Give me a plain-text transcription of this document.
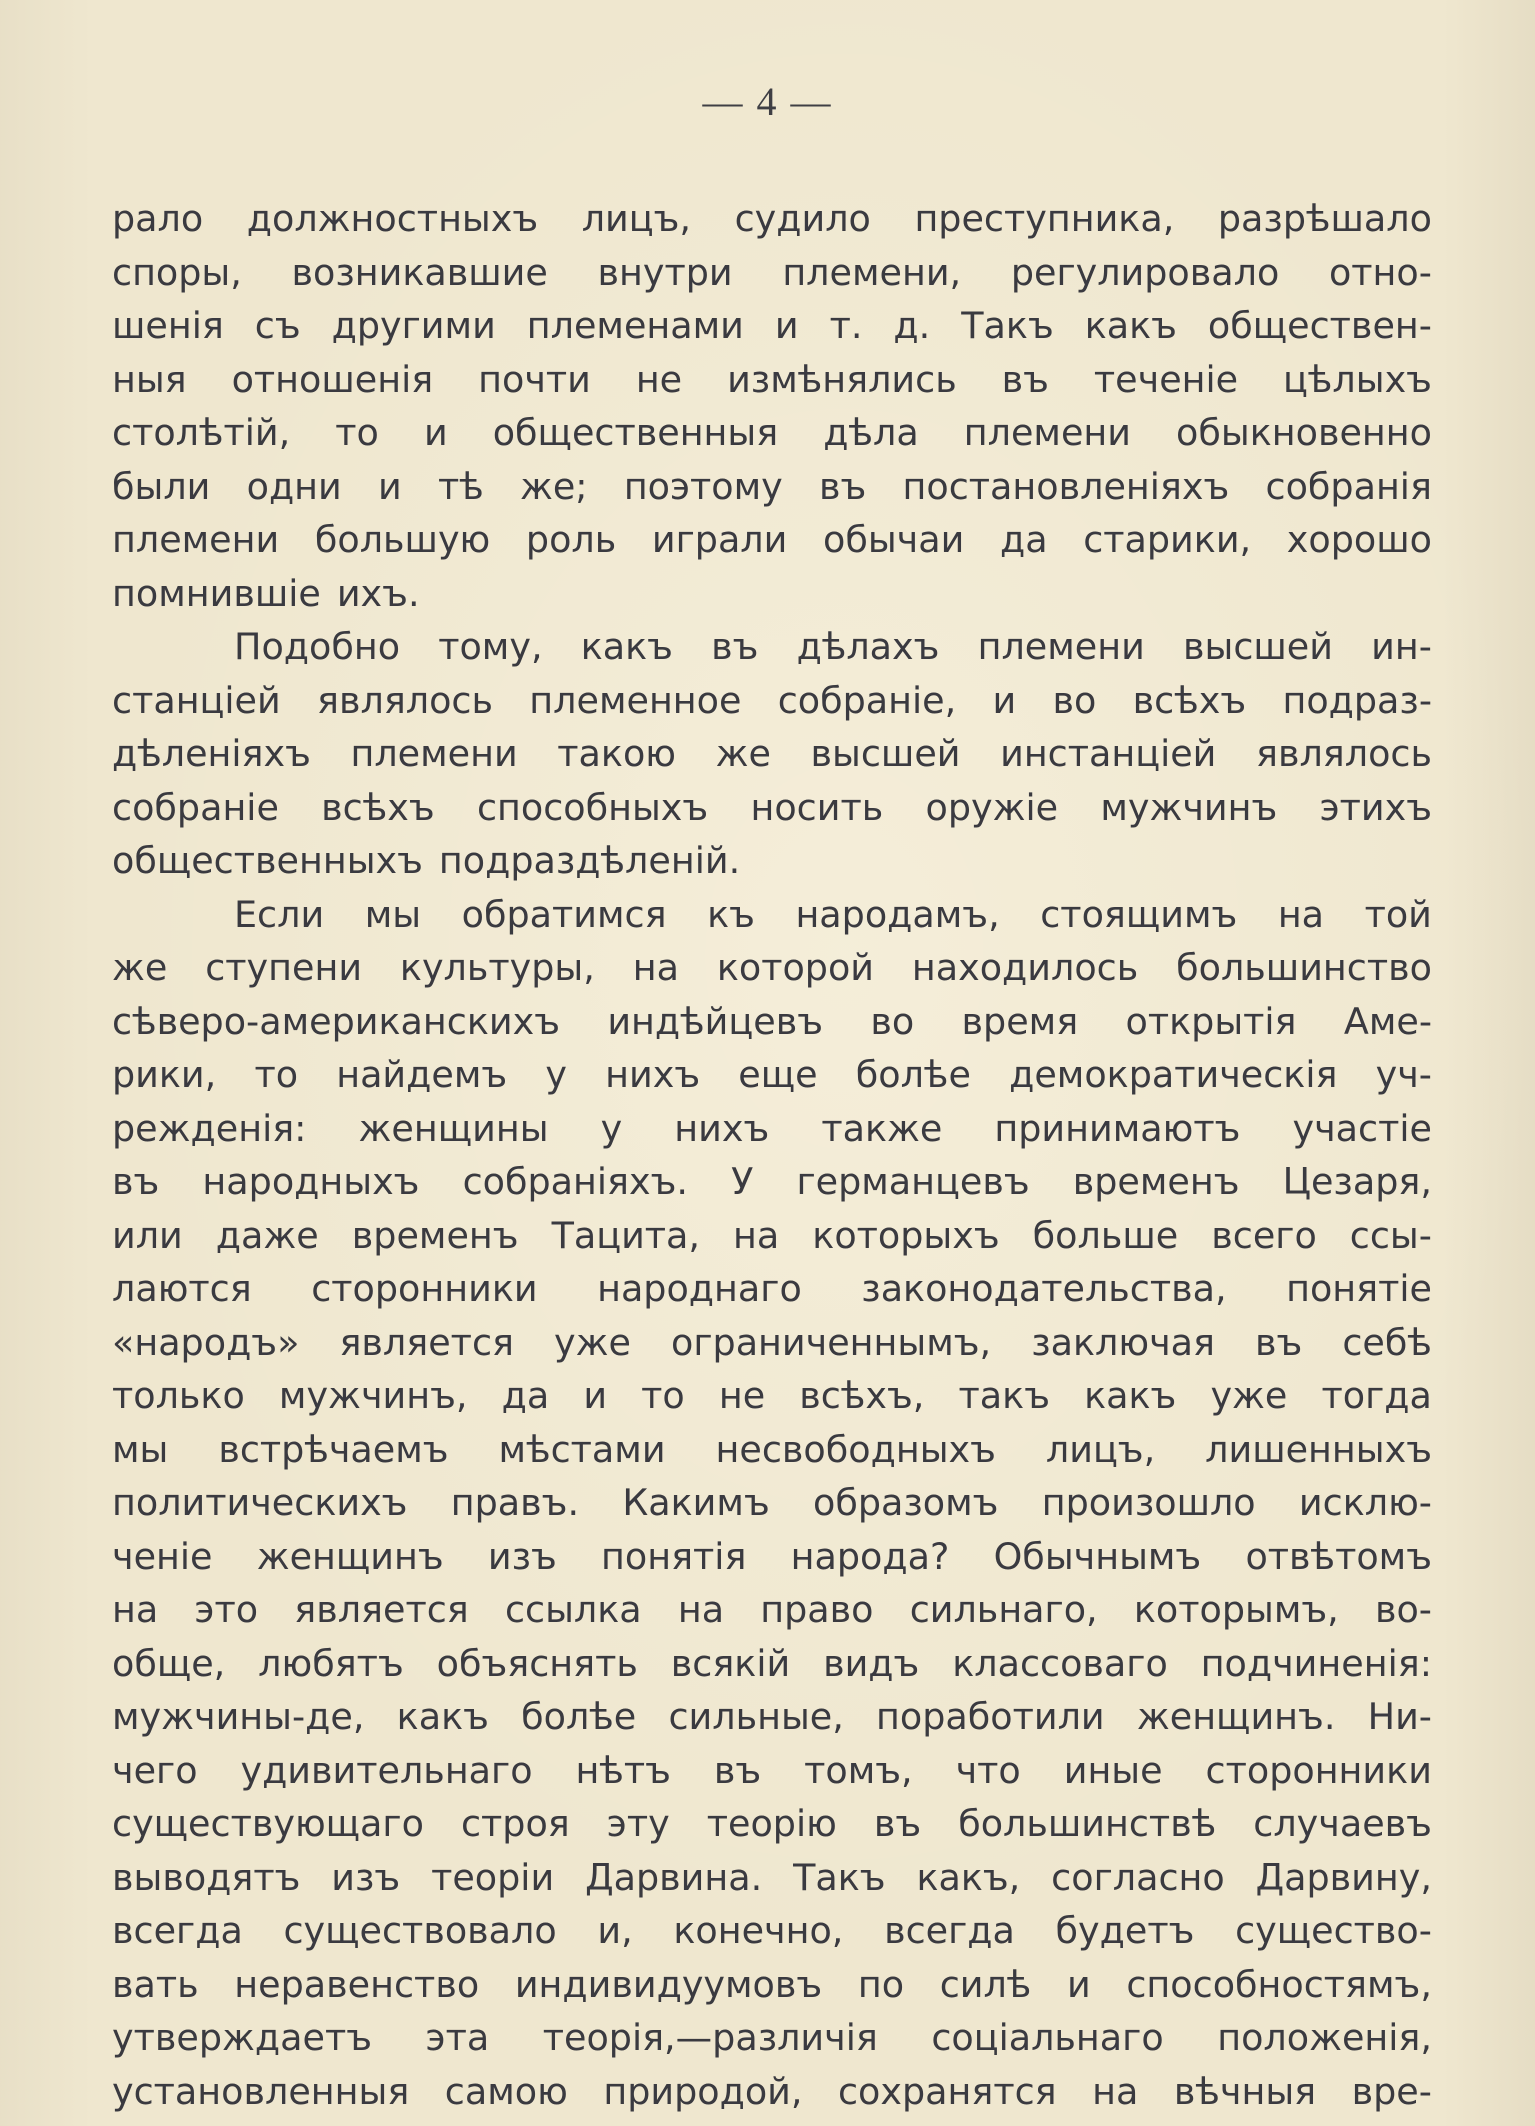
— 4 —
рало должностныхъ лицъ, судило преступника, разрѣшало
споры, возникавшие внутри племени, регулировало отно-
шенія съ другими племенами и т. д. Такъ какъ обществен-
ныя отношенія почти не измѣнялись въ теченіе цѣлыхъ
столѣтій, то и общественныя дѣла племени обыкновенно
были одни и тѣ же; поэтому въ постановленіяхъ собранія
племени большую роль играли обычаи да старики, хорошо
помнившіе ихъ.
Подобно тому, какъ въ дѣлахъ племени высшей ин-
станціей являлось племенное собраніе, и во всѣхъ подраз-
дѣленіяхъ племени такою же высшей инстанціей являлось
собраніе всѣхъ способныхъ носить оружіе мужчинъ этихъ
общественныхъ подраздѣленій.
Если мы обратимся къ народамъ, стоящимъ на той
же ступени культуры, на которой находилось большинство
сѣверо-американскихъ индѣйцевъ во время открытія Аме-
рики, то найдемъ у нихъ еще болѣе демократическія уч-
режденія: женщины у нихъ также принимаютъ участіе
въ народныхъ собраніяхъ. У германцевъ временъ Цезаря,
или даже временъ Тацита, на которыхъ больше всего ссы-
лаются сторонники народнаго законодательства, понятіе
«народъ» является уже ограниченнымъ, заключая въ себѣ
только мужчинъ, да и то не всѣхъ, такъ какъ уже тогда
мы встрѣчаемъ мѣстами несвободныхъ лицъ, лишенныхъ
политическихъ правъ. Какимъ образомъ произошло исклю-
ченіе женщинъ изъ понятія народа? Обычнымъ отвѣтомъ
на это является ссылка на право сильнаго, которымъ, во-
обще, любятъ объяснять всякій видъ классоваго подчиненія:
мужчины-де, какъ болѣе сильные, поработили женщинъ. Ни-
чего удивительнаго нѣтъ въ томъ, что иные сторонники
существующаго строя эту теорію въ большинствѣ случаевъ
выводятъ изъ теоріи Дарвина. Такъ какъ, согласно Дарвину,
всегда существовало и, конечно, всегда будетъ существо-
вать неравенство индивидуумовъ по силѣ и способностямъ,
утверждаетъ эта теорія,—различія соціальнаго положенія,
установленныя самою природой, сохранятся на вѣчныя вре-
